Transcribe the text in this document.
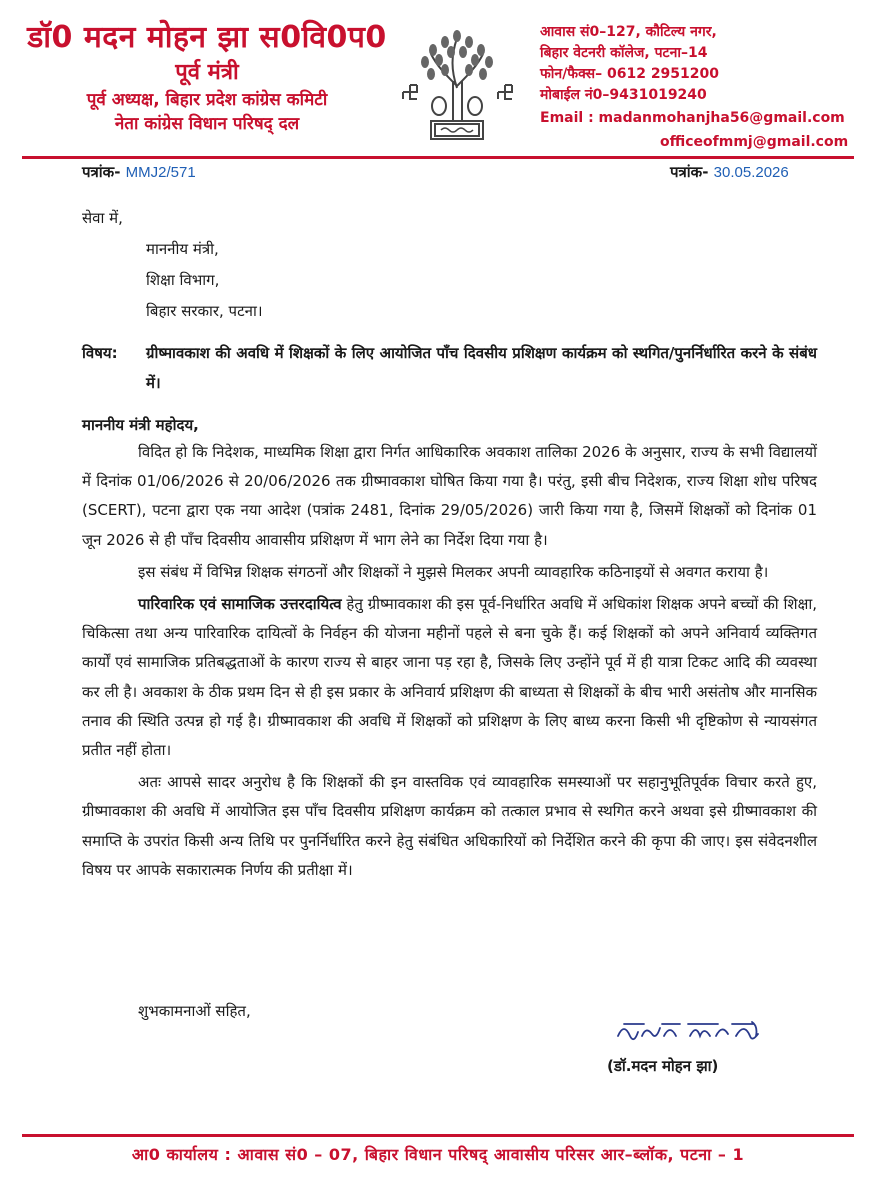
डॉ0 मदन मोहन झा स0वि0प0
पूर्व मंत्री
पूर्व अध्यक्ष, बिहार प्रदेश कांग्रेस कमिटी
नेता कांग्रेस विधान परिषद् दल
आवास सं0–127, कौटिल्य नगर,
बिहार वेटनरी कॉलेज, पटना–14
फोन/फैक्स– 0612 2951200
मोबाईल नं0–9431019240
Email : madanmohanjha56@gmail.com
officeofmmj@gmail.com
पत्रांक- MMJ2/571	पत्रांक- 30.05.2026
सेवा में,
माननीय मंत्री,
शिक्षा विभाग,
बिहार सरकार, पटना।
विषय:	ग्रीष्मावकाश की अवधि में शिक्षकों के लिए आयोजित पाँच दिवसीय प्रशिक्षण कार्यक्रम को स्थगित/पुनर्निर्धारित करने के संबंध में।
माननीय मंत्री महोदय,

विदित हो कि निदेशक, माध्यमिक शिक्षा द्वारा निर्गत आधिकारिक अवकाश तालिका 2026 के अनुसार, राज्य के सभी विद्यालयों में दिनांक 01/06/2026 से 20/06/2026 तक ग्रीष्मावकाश घोषित किया गया है। परंतु, इसी बीच निदेशक, राज्य शिक्षा शोध परिषद (SCERT), पटना द्वारा एक नया आदेश (पत्रांक 2481, दिनांक 29/05/2026) जारी किया गया है, जिसमें शिक्षकों को दिनांक 01 जून 2026 से ही पाँच दिवसीय आवासीय प्रशिक्षण में भाग लेने का निर्देश दिया गया है।

इस संबंध में विभिन्न शिक्षक संगठनों और शिक्षकों ने मुझसे मिलकर अपनी व्यावहारिक कठिनाइयों से अवगत कराया है।

पारिवारिक एवं सामाजिक उत्तरदायित्व हेतु ग्रीष्मावकाश की इस पूर्व-निर्धारित अवधि में अधिकांश शिक्षक अपने बच्चों की शिक्षा, चिकित्सा तथा अन्य पारिवारिक दायित्वों के निर्वहन की योजना महीनों पहले से बना चुके हैं। कई शिक्षकों को अपने अनिवार्य व्यक्तिगत कार्यों एवं सामाजिक प्रतिबद्धताओं के कारण राज्य से बाहर जाना पड़ रहा है, जिसके लिए उन्होंने पूर्व में ही यात्रा टिकट आदि की व्यवस्था कर ली है। अवकाश के ठीक प्रथम दिन से ही इस प्रकार के अनिवार्य प्रशिक्षण की बाध्यता से शिक्षकों के बीच भारी असंतोष और मानसिक तनाव की स्थिति उत्पन्न हो गई है। ग्रीष्मावकाश की अवधि में शिक्षकों को प्रशिक्षण के लिए बाध्य करना किसी भी दृष्टिकोण से न्यायसंगत प्रतीत नहीं होता।

अतः आपसे सादर अनुरोध है कि शिक्षकों की इन वास्तविक एवं व्यावहारिक समस्याओं पर सहानुभूतिपूर्वक विचार करते हुए, ग्रीष्मावकाश की अवधि में आयोजित इस पाँच दिवसीय प्रशिक्षण कार्यक्रम को तत्काल प्रभाव से स्थगित करने अथवा इसे ग्रीष्मावकाश की समाप्ति के उपरांत किसी अन्य तिथि पर पुनर्निर्धारित करने हेतु संबंधित अधिकारियों को निर्देशित करने की कृपा की जाए। इस संवेदनशील विषय पर आपके सकारात्मक निर्णय की प्रतीक्षा में।

शुभकामनाओं सहित,
(डॉ.मदन मोहन झा)
आ0 कार्यालय : आवास सं0 – 07, बिहार विधान परिषद् आवासीय परिसर आर–ब्लॉक, पटना – 1
